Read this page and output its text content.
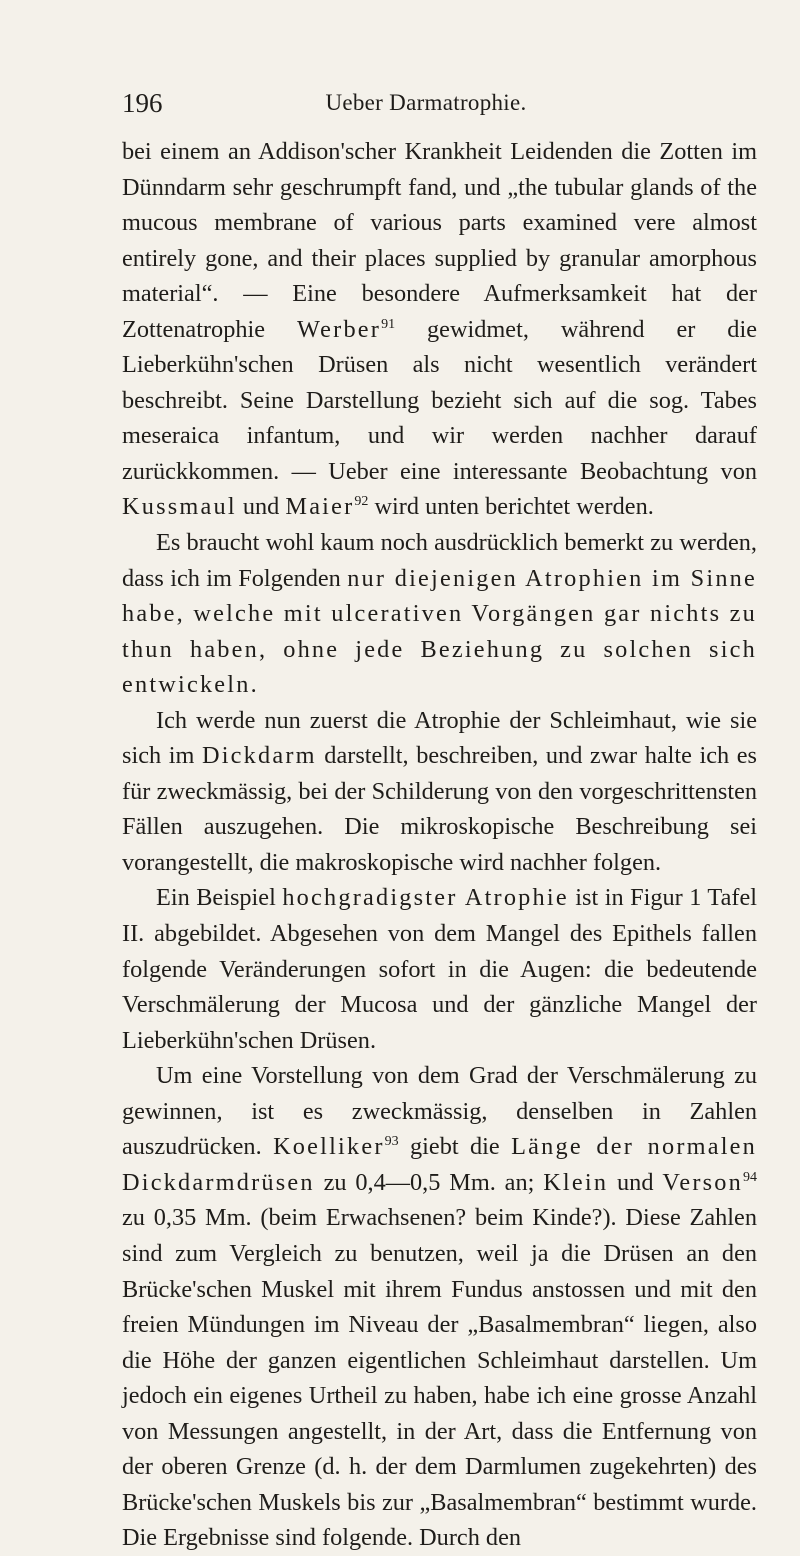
196	Ueber Darmatrophie.

bei einem an Addison'scher Krankheit Leidenden die Zotten im Dünndarm sehr geschrumpft fand, und „the tubular glands of the mucous membrane of various parts examined vere almost entirely gone, and their places supplied by granular amorphous material“. — Eine besondere Aufmerksamkeit hat der Zottenatrophie Werber$^{91}$ gewidmet, während er die Lieberkühn'schen Drüsen als nicht wesentlich verändert beschreibt. Seine Darstellung bezieht sich auf die sog. Tabes meseraica infantum, und wir werden nachher darauf zurückkommen. — Ueber eine interessante Beobachtung von Kussmaul und Maier$^{92}$ wird unten berichtet werden.

Es braucht wohl kaum noch ausdrücklich bemerkt zu werden, dass ich im Folgenden nur diejenigen Atrophien im Sinne habe, welche mit ulcerativen Vorgängen gar nichts zu thun haben, ohne jede Beziehung zu solchen sich entwickeln.

Ich werde nun zuerst die Atrophie der Schleimhaut, wie sie sich im Dickdarm darstellt, beschreiben, und zwar halte ich es für zweckmässig, bei der Schilderung von den vorgeschrittensten Fällen auszugehen. Die mikroskopische Beschreibung sei vorangestellt, die makroskopische wird nachher folgen.

Ein Beispiel hochgradigster Atrophie ist in Figur 1 Tafel II. abgebildet. Abgesehen von dem Mangel des Epithels fallen folgende Veränderungen sofort in die Augen: die bedeutende Verschmälerung der Mucosa und der gänzliche Mangel der Lieberkühn'schen Drüsen.

Um eine Vorstellung von dem Grad der Verschmälerung zu gewinnen, ist es zweckmässig, denselben in Zahlen auszudrücken. Koelliker$^{93}$ giebt die Länge der normalen Dickdarmdrüsen zu 0,4—0,5 Mm. an; Klein und Verson$^{94}$ zu 0,35 Mm. (beim Erwachsenen? beim Kinde?). Diese Zahlen sind zum Vergleich zu benutzen, weil ja die Drüsen an den Brücke'schen Muskel mit ihrem Fundus anstossen und mit den freien Mündungen im Niveau der „Basalmembran“ liegen, also die Höhe der ganzen eigentlichen Schleimhaut darstellen. Um jedoch ein eigenes Urtheil zu haben, habe ich eine grosse Anzahl von Messungen angestellt, in der Art, dass die Entfernung von der oberen Grenze (d. h. der dem Darmlumen zugekehrten) des Brücke'schen Muskels bis zur „Basalmembran“ bestimmt wurde. Die Ergebnisse sind folgende. Durch den
